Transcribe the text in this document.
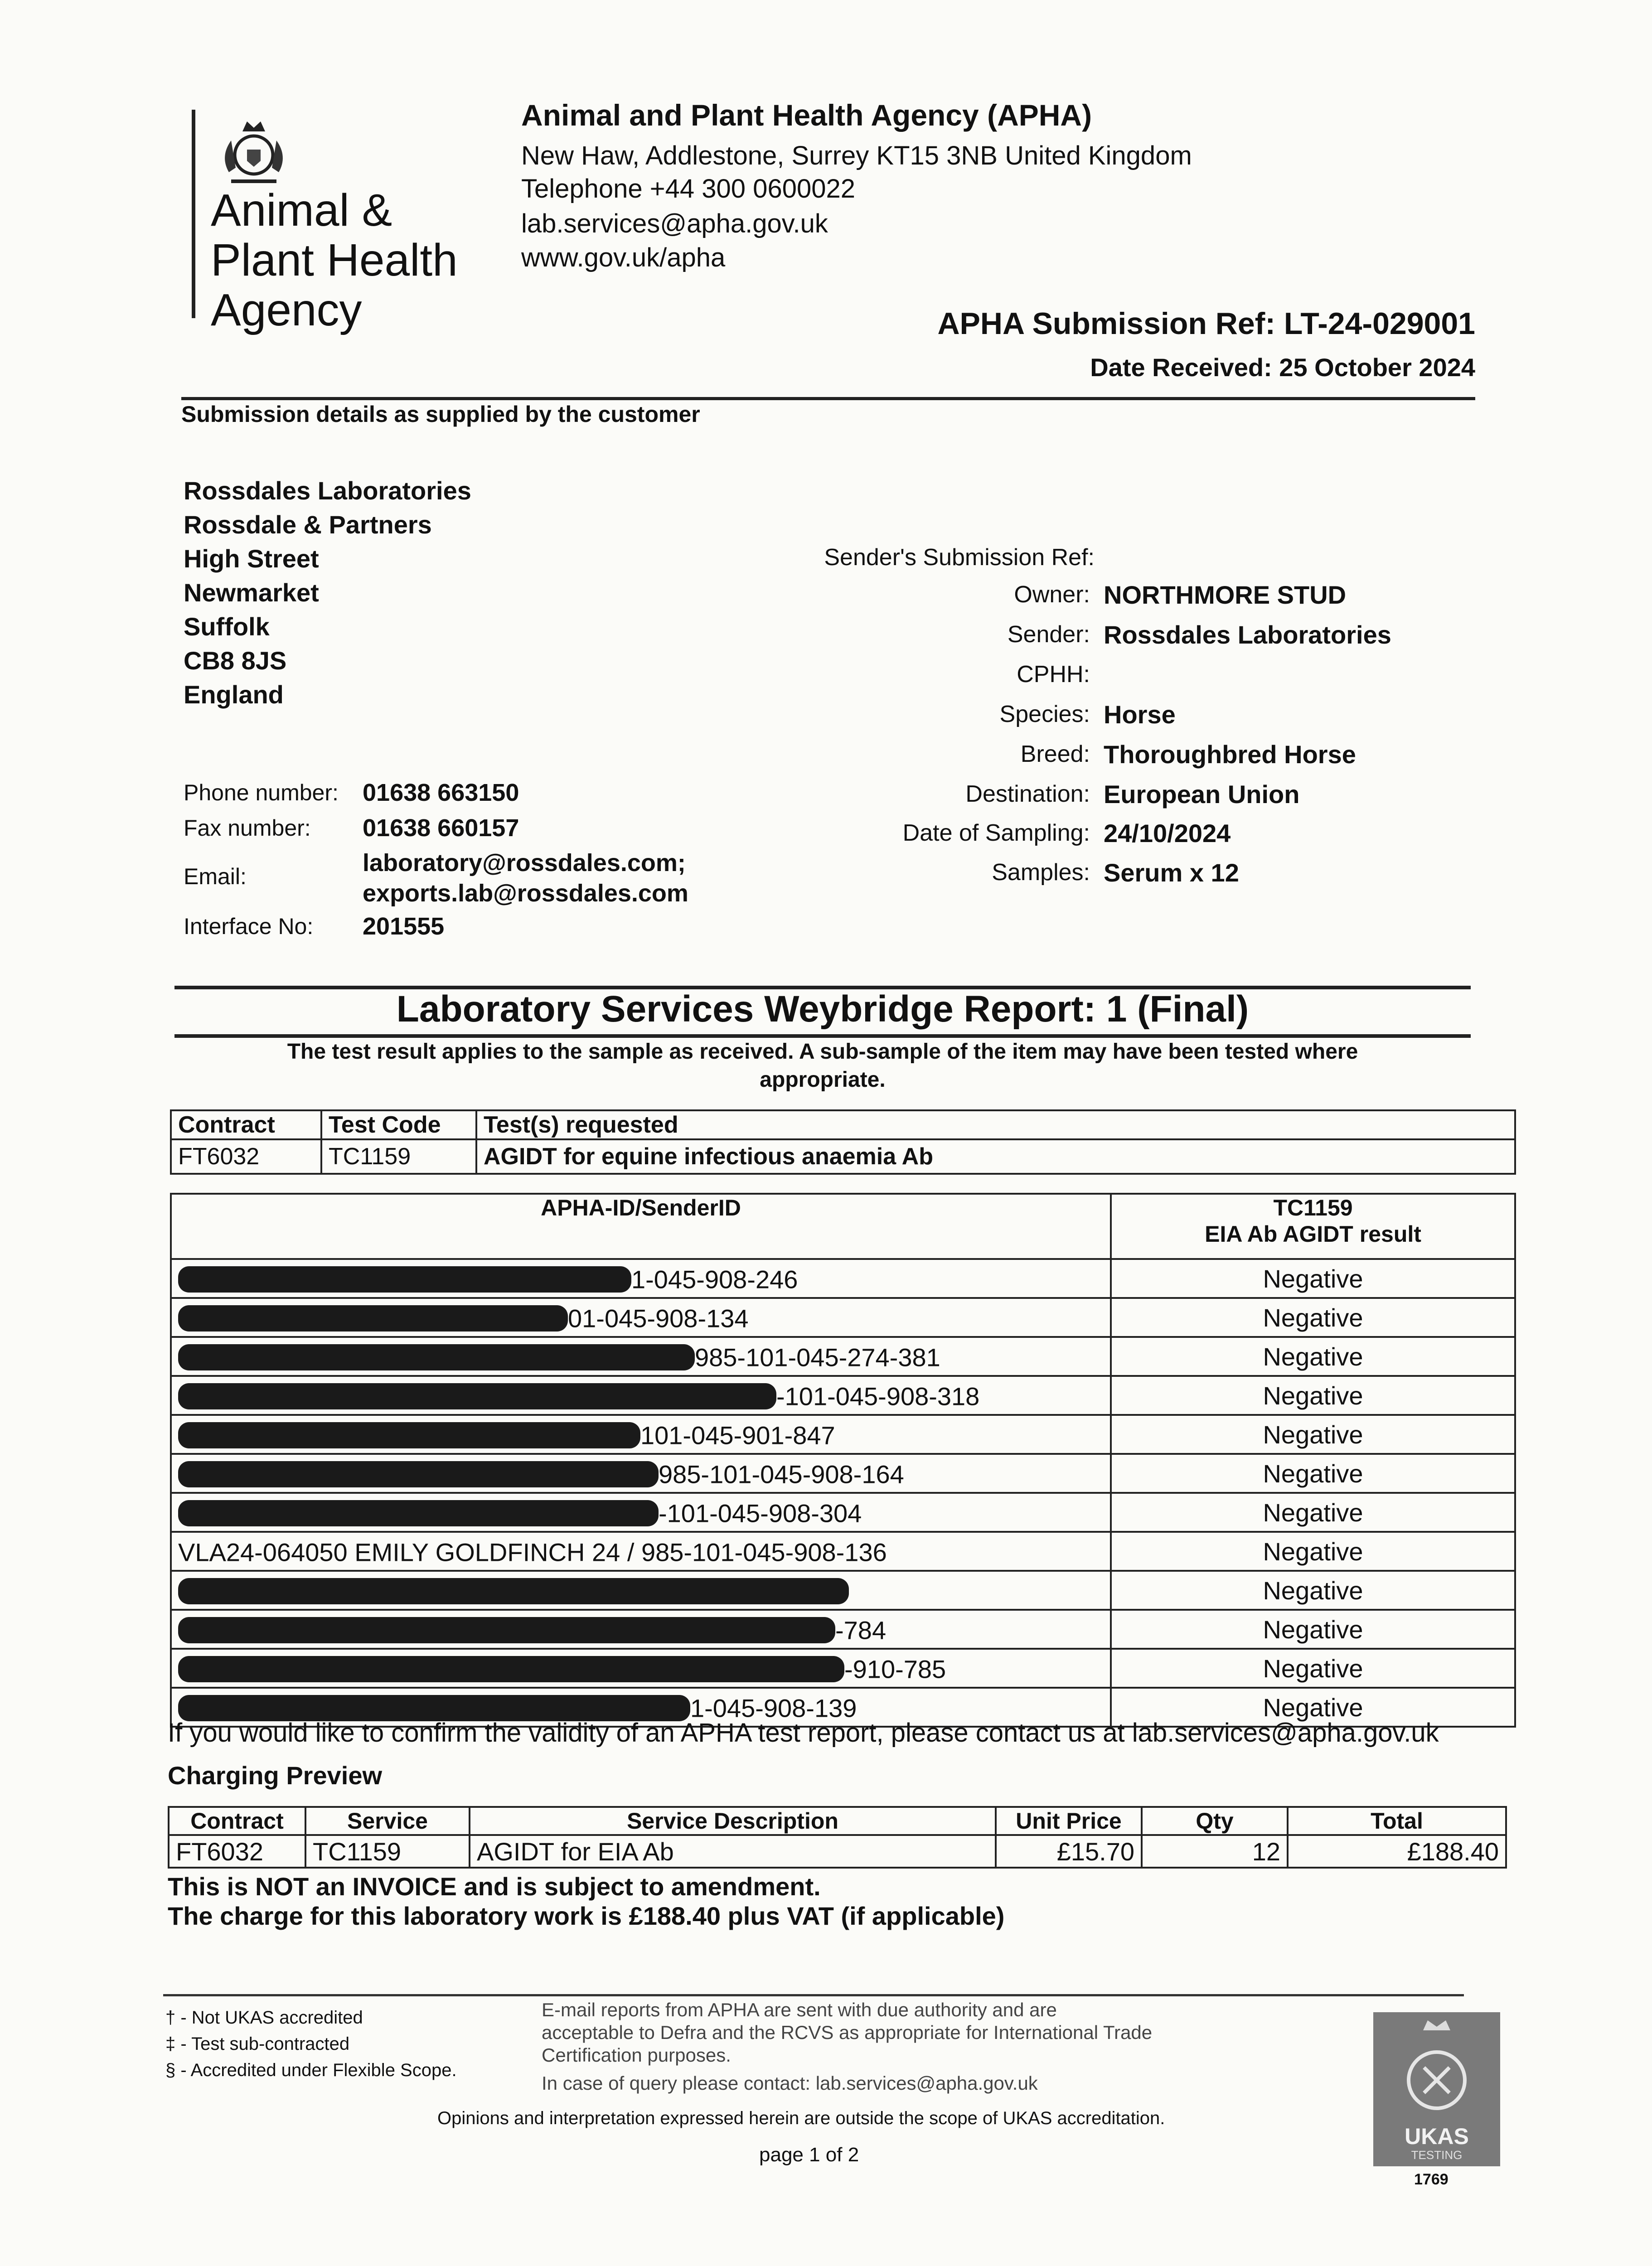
Animal &
Plant Health
Agency
Animal and Plant Health Agency (APHA)
New Haw, Addlestone, Surrey KT15 3NB United Kingdom
Telephone +44 300 0600022
lab.services@apha.gov.uk
www.gov.uk/apha
APHA Submission Ref: LT-24-029001
Date Received: 25 October 2024
Submission details as supplied by the customer
Rossdales Laboratories
Rossdale & Partners
High Street
Newmarket
Suffolk
CB8 8JS
England
Phone number: 01638 663150
Fax number: 01638 660157
Email:	laboratory@rossdales.com;
exports.lab@rossdales.com
Interface No: 201555
Sender's Submission Ref:
Owner: NORTHMORE STUD
Sender: Rossdales Laboratories
CPHH:
Species: Horse
Breed: Thoroughbred Horse
Destination: European Union
Date of Sampling: 24/10/2024
Samples: Serum x 12
Laboratory Services Weybridge Report: 1 (Final)
The test result applies to the sample as received. A sub-sample of the item may have been tested where
appropriate.
Contract	Test Code	Test(s) requested
FT6032	TC1159	AGIDT for equine infectious anaemia Ab
APHA-ID/SenderID	TC1159
EIA Ab AGIDT result

1-045-908-246	Negative
01-045-908-134	Negative
985-101-045-274-381	Negative
-101-045-908-318	Negative
101-045-901-847	Negative
985-101-045-908-164	Negative
-101-045-908-304	Negative
VLA24-064050 EMILY GOLDFINCH 24 / 985-101-045-908-136	Negative
	Negative
-784	Negative
-910-785	Negative
1-045-908-139	Negative
If you would like to confirm the validity of an APHA test report, please contact us at lab.services@apha.gov.uk
Charging Preview
Contract	Service	Service Description	Unit Price	Qty	Total
FT6032	TC1159	AGIDT for EIA Ab	£15.70	12	£188.40
This is NOT an INVOICE and is subject to amendment.
The charge for this laboratory work is £188.40 plus VAT (if applicable)
† - Not UKAS accredited
‡ - Test sub-contracted
§ - Accredited under Flexible Scope.
E-mail reports from APHA are sent with due authority and are
acceptable to Defra and the RCVS as appropriate for International Trade
Certification purposes.
In case of query please contact: lab.services@apha.gov.uk
Opinions and interpretation expressed herein are outside the scope of UKAS accreditation.
page 1 of 2
UKAS
TESTING
1769
